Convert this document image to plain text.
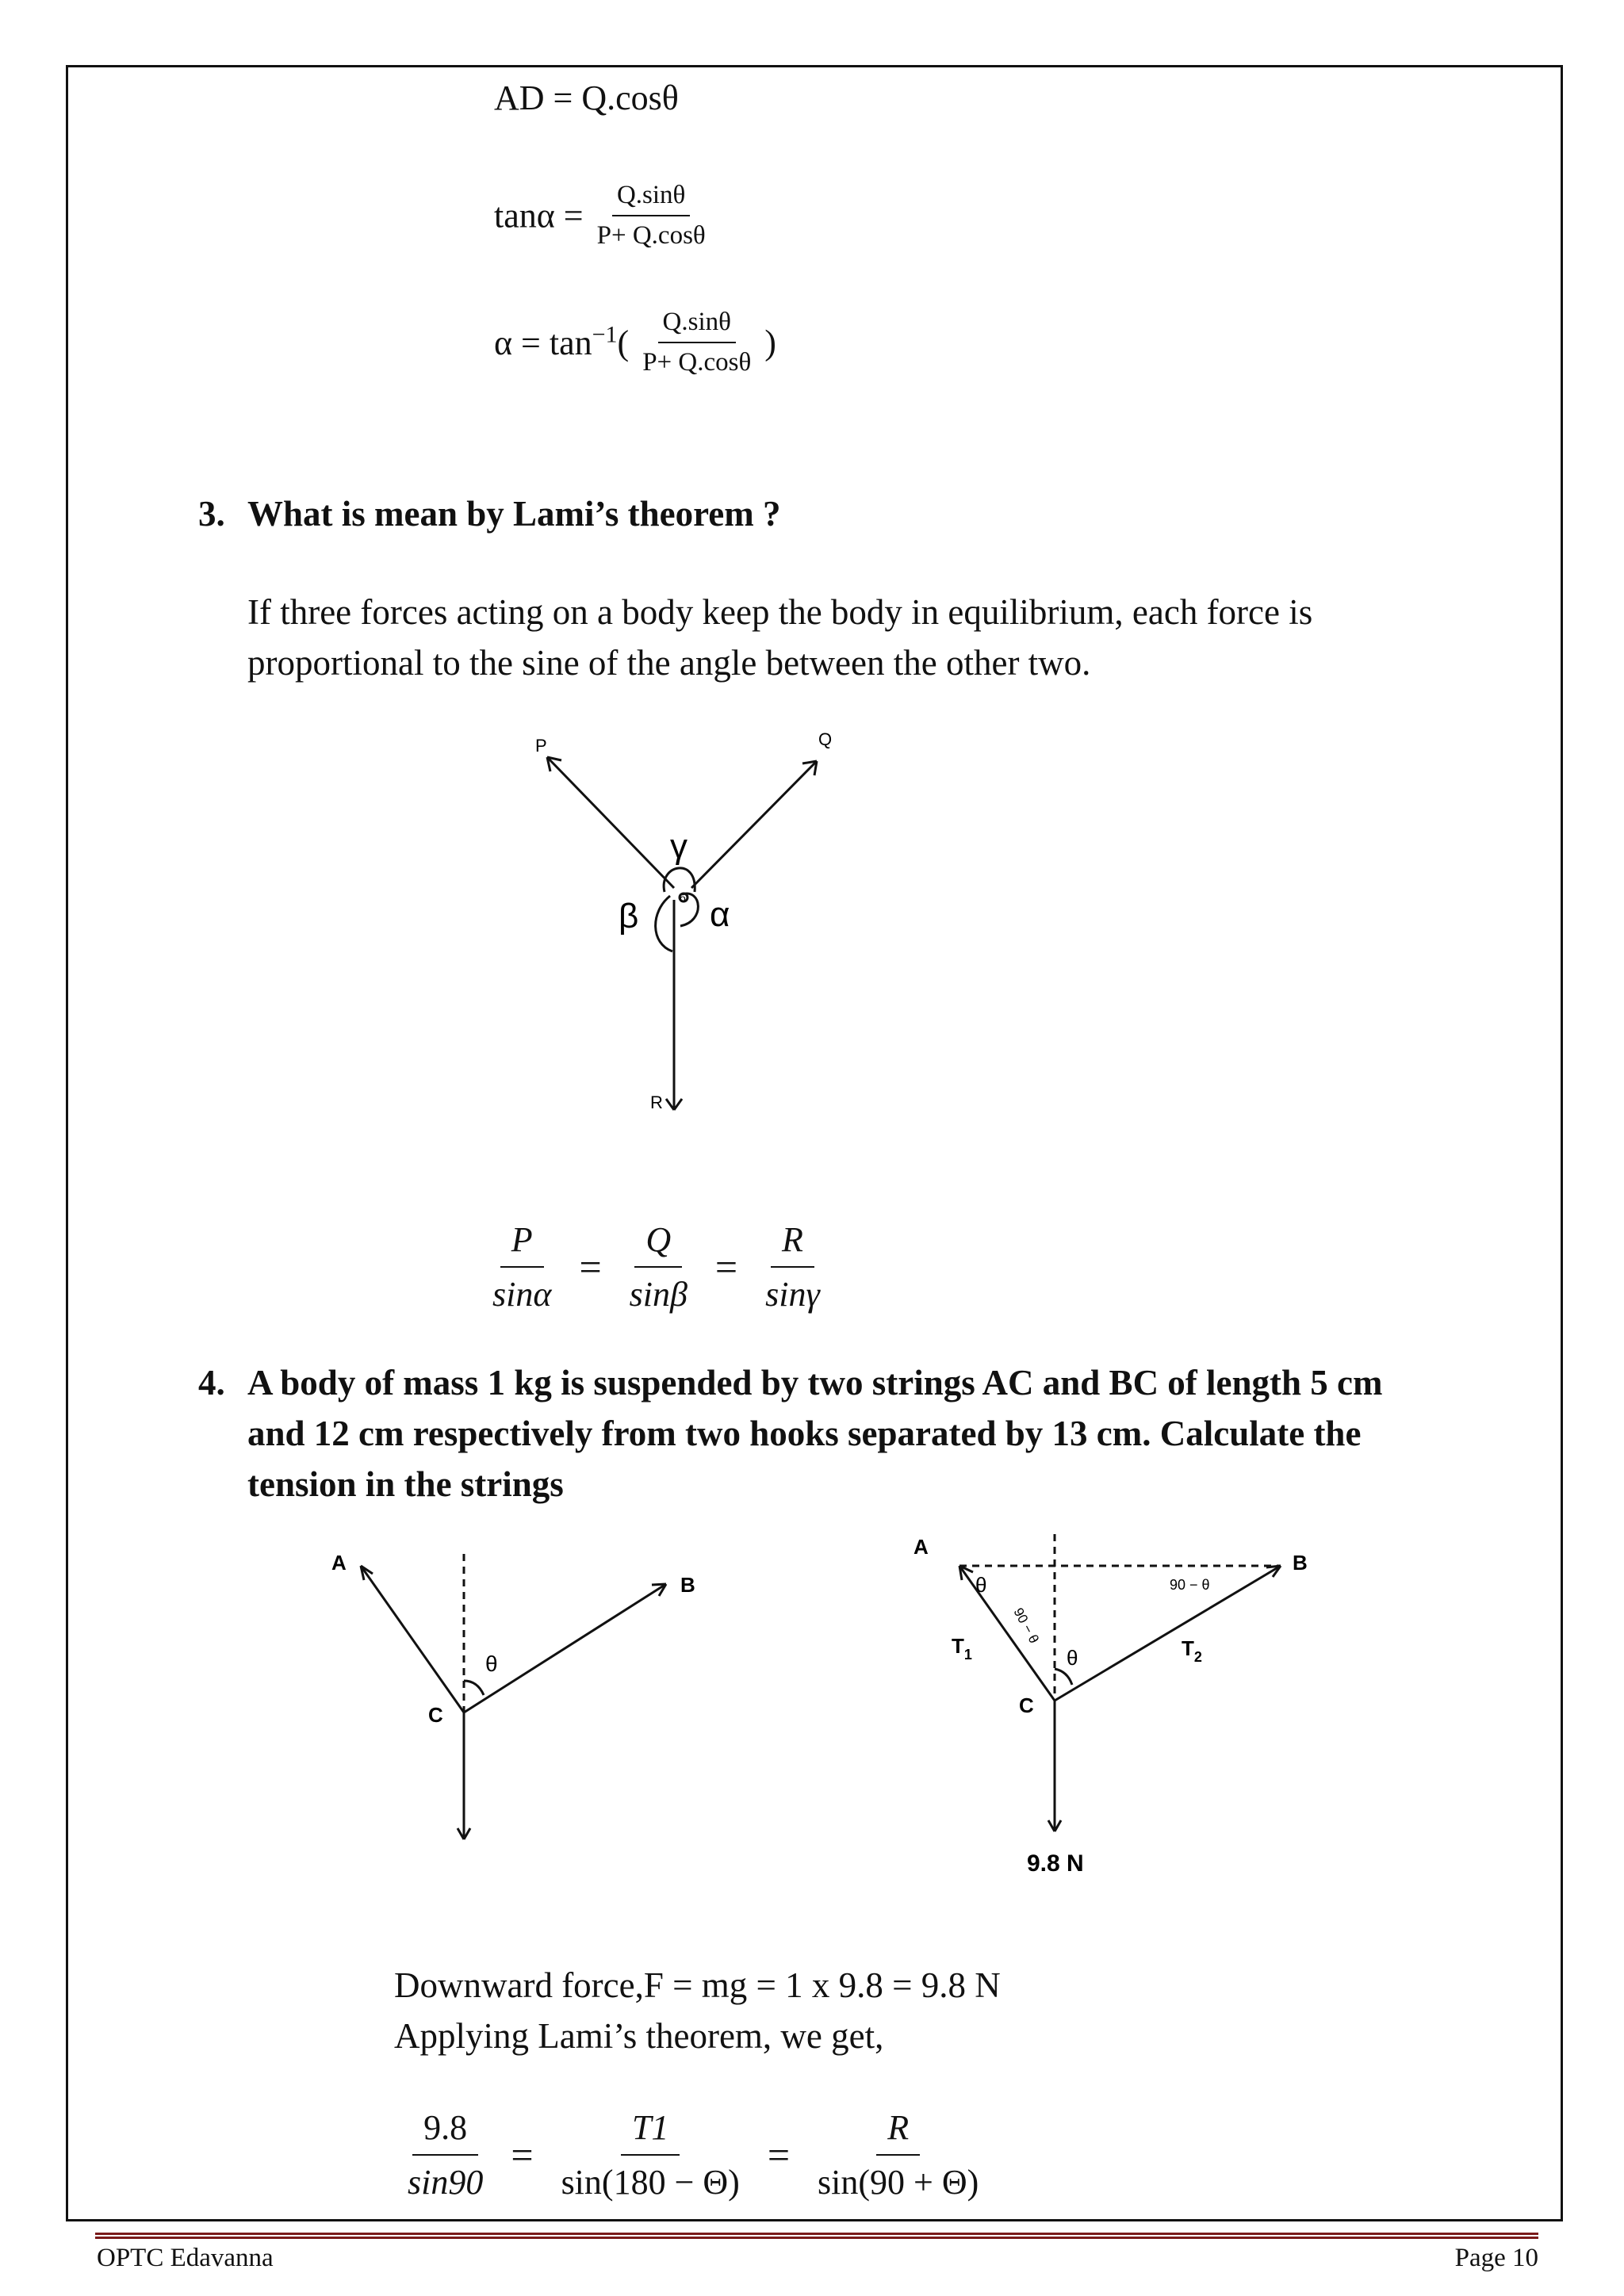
AD = Q.cosθ
$\tan\alpha = \frac{Q.\sin\theta}{P+ Q.\cos\theta}$
$\alpha = \tan^{-1}( \frac{Q.\sin\theta}{P+ Q.\cos\theta}$ )
3. What is mean by Lami’s theorem ?
If three forces acting on a body keep the body in equilibrium, each force is
proportional to the sine of the angle between the other two.
P	Q
R
γ
β α
o
$\frac{P}{\sin\alpha} = \frac{Q}{\sin\beta} = \frac{R}{\sin\gamma}$
4. A body of mass 1 kg is suspended by two strings AC and BC of length 5 cm
and 12 cm respectively from two hooks separated by 13 cm. Calculate the
tension in the strings
A
B
C
θ
A
B
C
θ
θ
$T_1$	$T_2$
90 − θ
90 − θ
9.8 N
Downward force,F = mg = 1 x 9.8 = 9.8 N
Applying Lami’s theorem, we get,
$\frac{9.8}{\sin 90} = \frac{T1}{\sin(180 - \Theta)} = \frac{R}{\sin(90 + \Theta)}$
OPTC Edavanna	Page 10
